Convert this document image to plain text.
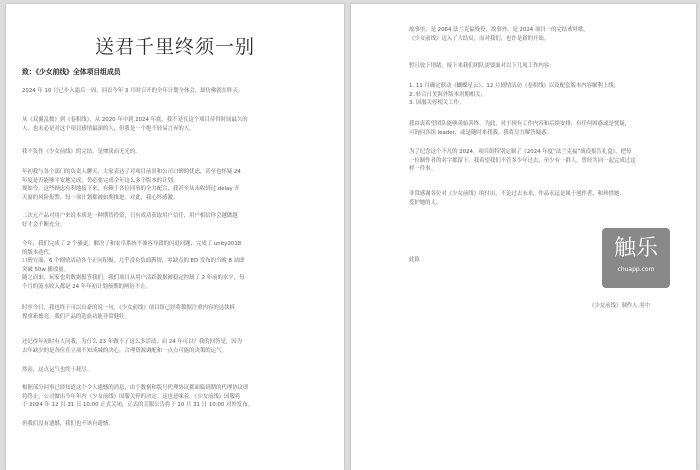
送君千里终须一别
致：《少女前线》全体项目组成员
2024 年 10 月已步入霜后一周，回首今年 3 月时召开的全年计划全体会，却仿佛就在昨天。
从《双翼乱数》到《卷积线》，从 2020 年中到 2024 年底，我不是在这个项目待得时间最久的
人，也未必是对这个项目感情最深的人，但我是一个绝不轻易言弃的人。
我不负作《少女前线》的完结，是惨淡而无光的。
年初我与各个部门的负责人聊天，大家表达了对项目前景和公司口碑的忧虑，甚至也怀疑 24
年度是否能够平安地完成，势必要完成全年这么多个版本的计划。
现如今，这些顾虑有利地接下来，有赖于各位同事的全力配合，我甚至从未收到过 delay 开
天窗的风险报警，每一项计划都被如期推进。对此，我心怀感激。
二次元产品对用户来说本质是一种期货投资，只有成功获取用户信任，用户相信你会越做越
好才会不断充分。
今年，我们完成了 2 个骚更，解决了和安卓系统不兼容导致的闪退问题，完成了 unity2018
的版本迭代。
口碑方面，6 个剧情活动各个正向积极，几乎没有负面舆情，零缺点的 ED 发布的当晚 8 站即
突破 50w 播放量。
随之而来，玩家也用数据报答我们。我们项目从用户活跃数据被稳定控制了 2 年前的水平，每
个月的流水收入都是 24 年年初计划预期的两倍不止。
时至今日，我也终于可以自豪的说一句，《少女前线》项目组已经将数据注重内容的达扶拆
撑重新擦亮，我们产品的造血功能非常健壮。
还记得年初时有人问我，为什么 23 年做不了这么多活动，而 24 年可以？我的回答是，因为
去年缺少的是各位在立项不知成城的决心，合理资源调配和一点点可能的决策的运气。
然而，这点运气也终于耗尽。
根据部分同事已经知道这个令人遗憾的消息，由于数据和版号代理协议都面临到期的代理协议即
将终止，公司做出今年年内《少女前线》国服关停的决定。这也意味着，《少女前线》国服将
于 2024 年 12 月 31 日 10:00 正式关闭，正式的关服公告将于 10 月 31 日 10:00 对外发布。
但我们没有遗憾，我们也不该有遗憾。
故事里，是 2064 法兰克福残役，故事外，是 2024 项目一的完结欢呼歌。
《少女前线》迈入了大结局，而对我们，也许是新的开始。
暂且放下情绪，接下来我们团队需要面对以下几项工作内容：
1. 11 月确定联动《蝴蝶星云》、12 月剧情活动《卷积线》以及配套版本内容顺利上线；
2. 转合日美海外版本用期相关；
3. 国服关停相关工作。
我由衷希望团队能够善始善终，为此，对于现有工作内容和后续安排，有任何困惑或是忧疑，
可询问各组 leader，或是随时来找我。我将尽力解答疑惑。
为了纪念这个不凡的 2024，项目组特别定制了《2024 年度“法兰克福”战役报告礼盒》，把每
一位制作者的名字都留下，我希望我们不管多少年过去，至少有一群人，曾经共同一起完成过这
样一件事。
非常感谢各位对《少女前线》的付出，不论过去未来，作品永远是属于创作者、和珍惜她、
爱护她的人。
此致
《少女前线》制作人 羽中
触乐
chuapp.com
